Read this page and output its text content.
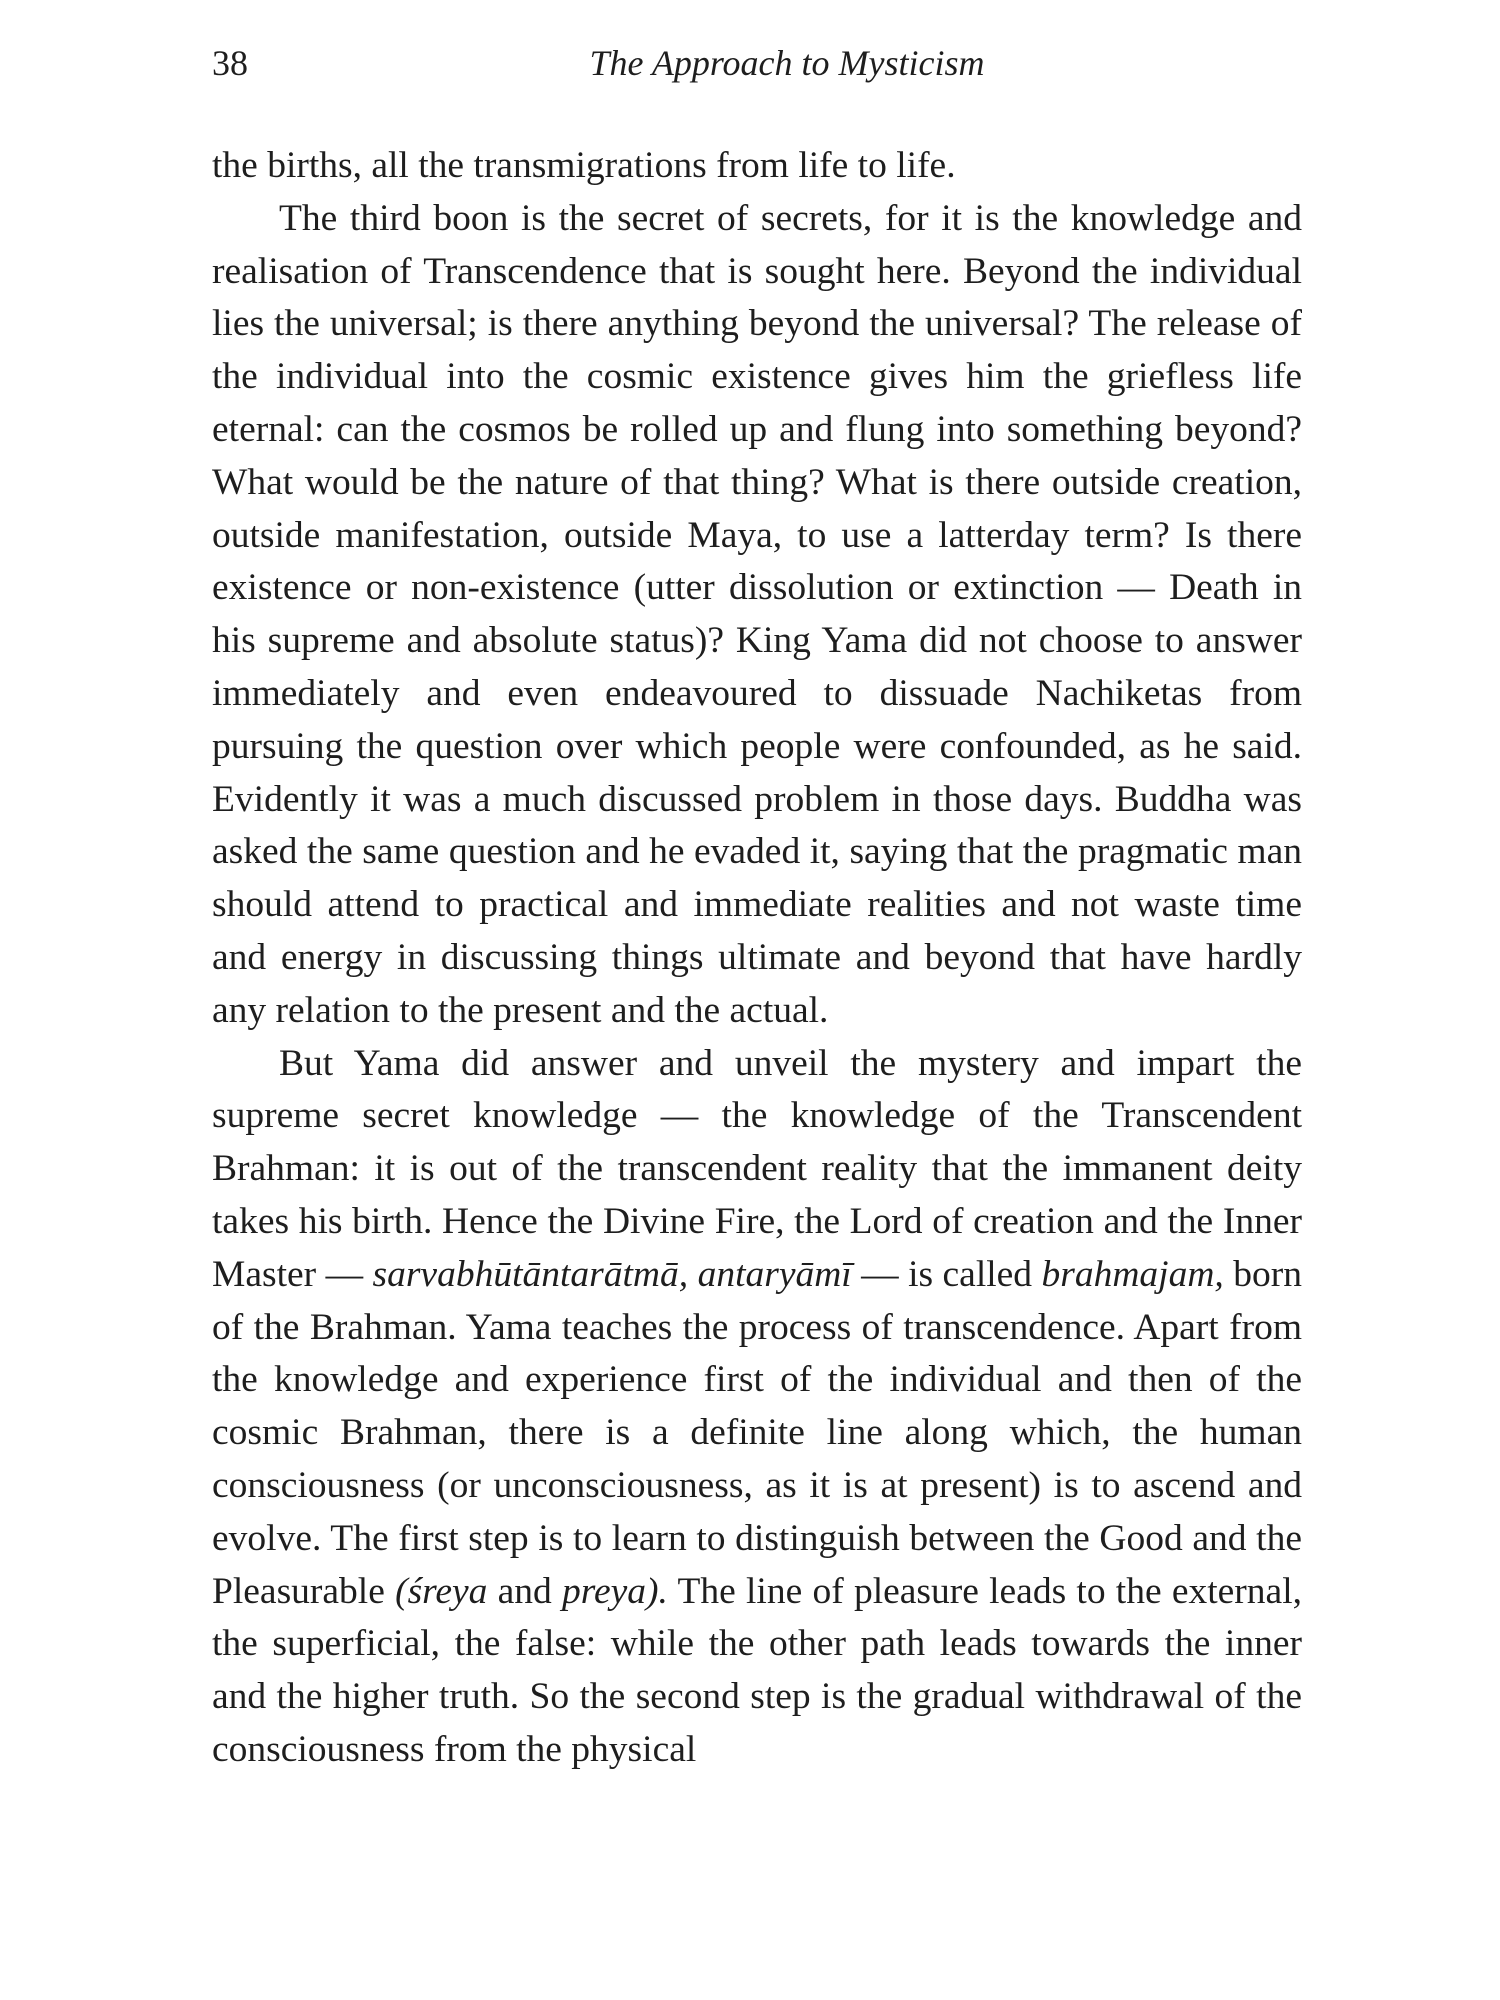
38	The Approach to Mysticism

the births, all the transmigrations from life to life.

The third boon is the secret of secrets, for it is the knowledge and realisation of Transcendence that is sought here. Beyond the individual lies the universal; is there anything beyond the universal? The release of the individual into the cosmic existence gives him the griefless life eternal: can the cosmos be rolled up and flung into something beyond? What would be the nature of that thing? What is there outside creation, outside manifestation, outside Maya, to use a latterday term? Is there existence or non-existence (utter dissolution or extinction — Death in his supreme and absolute status)? King Yama did not choose to answer immediately and even endeavoured to dissuade Nachiketas from pursuing the question over which people were confounded, as he said. Evidently it was a much discussed problem in those days. Buddha was asked the same question and he evaded it, saying that the pragmatic man should attend to practical and immediate realities and not waste time and energy in discussing things ultimate and beyond that have hardly any relation to the present and the actual.

But Yama did answer and unveil the mystery and impart the supreme secret knowledge — the knowledge of the Transcendent Brahman: it is out of the transcendent reality that the immanent deity takes his birth. Hence the Divine Fire, the Lord of creation and the Inner Master — sarvabhūtāntarātmā, antaryāmī — is called brahmajam, born of the Brahman. Yama teaches the process of transcendence. Apart from the knowledge and experience first of the individual and then of the cosmic Brahman, there is a definite line along which, the human consciousness (or unconsciousness, as it is at present) is to ascend and evolve. The first step is to learn to distinguish between the Good and the Pleasurable (śreya and preya). The line of pleasure leads to the external, the superficial, the false: while the other path leads towards the inner and the higher truth. So the second step is the gradual withdrawal of the consciousness from the physical
